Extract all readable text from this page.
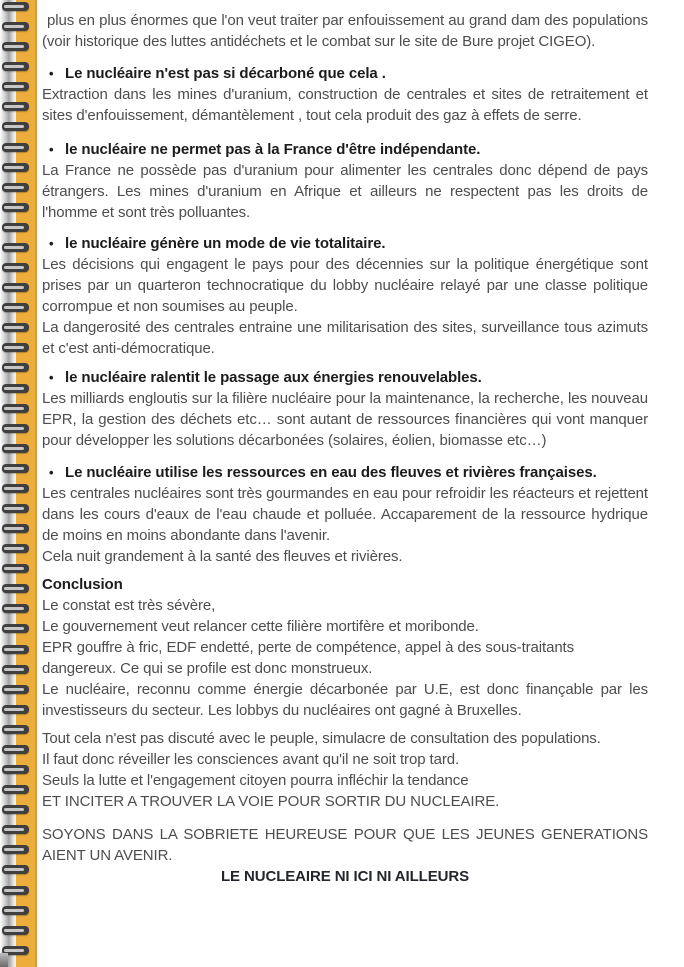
plus en plus énormes que l'on veut traiter par enfouissement au grand dam des populations (voir historique des luttes antidéchets et le combat sur le site de Bure projet CIGEO).

• Le nucléaire n'est pas si décarboné que cela .

Extraction dans les mines d'uranium, construction de centrales et sites de retraitement et sites d'enfouissement, démantèlement , tout cela produit des gaz à effets de serre.

• le nucléaire ne permet pas à la France d'être indépendante.

La France ne possède pas d'uranium pour alimenter les centrales donc dépend de pays étrangers. Les mines d'uranium en Afrique et ailleurs ne respectent pas les droits de l'homme et sont très polluantes.

• le nucléaire génère un mode de vie totalitaire.

Les décisions qui engagent le pays pour des décennies sur la politique énergétique sont prises par un quarteron technocratique du lobby nucléaire relayé par une classe politique corrompue et non soumises au peuple.

La dangerosité des centrales entraine une militarisation des sites, surveillance tous azimuts et c'est anti-démocratique.

• le nucléaire ralentit le passage aux énergies renouvelables.

Les milliards engloutis sur la filière nucléaire pour la maintenance, la recherche, les nouveau EPR, la gestion des déchets etc… sont autant de ressources financières qui vont manquer pour développer les solutions décarbonées (solaires, éolien, biomasse etc…)

• Le nucléaire utilise les ressources en eau des fleuves et rivières françaises.

Les centrales nucléaires sont très gourmandes en eau pour refroidir les réacteurs et rejettent dans les cours d'eaux de l'eau chaude et polluée. Accaparement de la ressource hydrique de moins en moins abondante dans l'avenir.

Cela nuit grandement à la santé des fleuves et rivières.

Conclusion

Le constat est très sévère,

Le gouvernement veut relancer cette filière mortifère et moribonde.

EPR gouffre à fric, EDF endetté, perte de compétence, appel à des sous-traitants dangereux. Ce qui se profile est donc monstrueux.

Le nucléaire, reconnu comme énergie décarbonée par U.E, est donc finançable par les investisseurs du secteur. Les lobbys du nucléaires ont gagné à Bruxelles.

Tout cela n'est pas discuté avec le peuple, simulacre de consultation des populations.

Il faut donc réveiller les consciences avant qu'il ne soit trop tard.

Seuls la lutte et l'engagement citoyen pourra infléchir la tendance

ET INCITER A TROUVER LA VOIE POUR SORTIR DU NUCLEAIRE.

SOYONS DANS LA SOBRIETE HEUREUSE POUR QUE LES JEUNES GENERATIONS AIENT UN AVENIR.

LE NUCLEAIRE NI ICI NI AILLEURS
